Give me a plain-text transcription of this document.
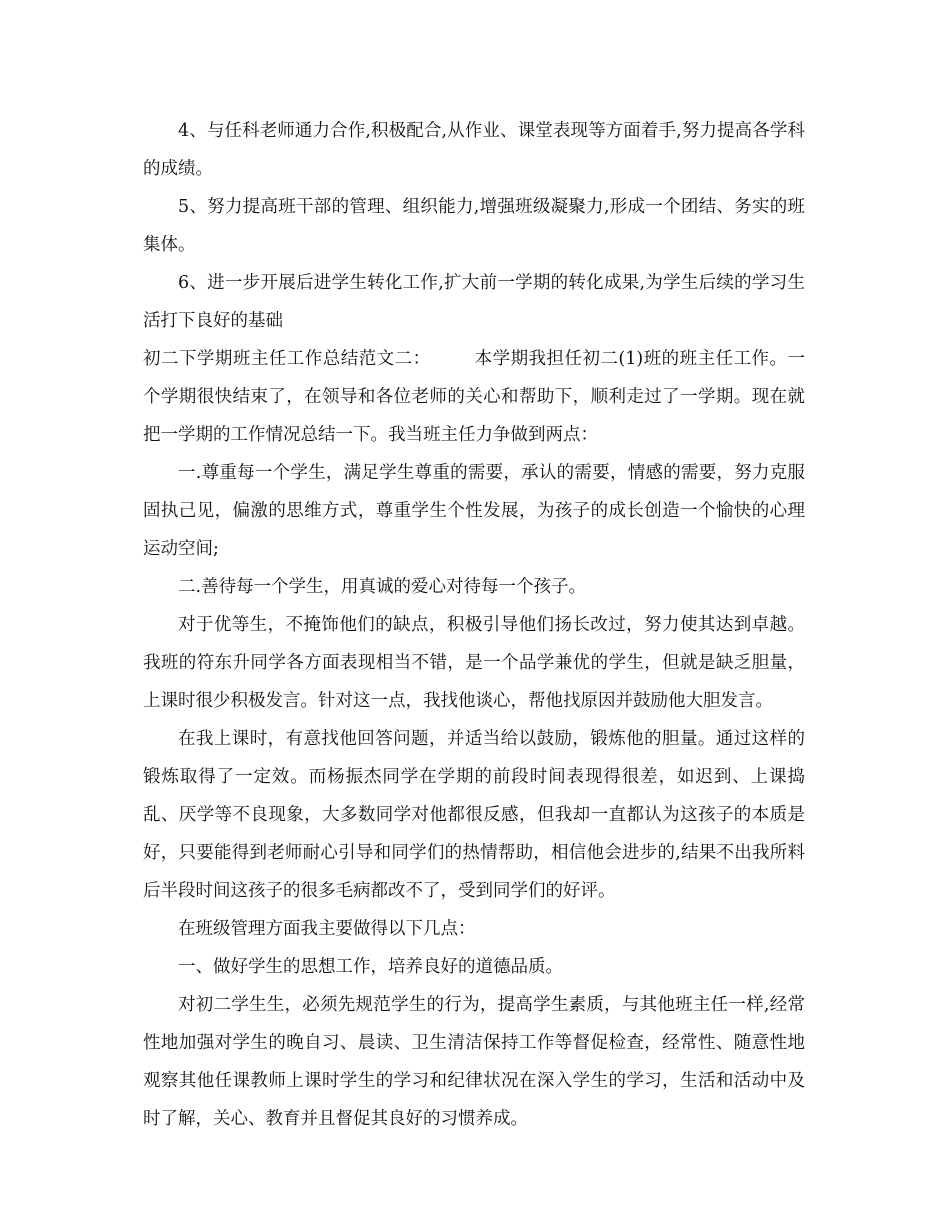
4、与任科老师通力合作,积极配合,从作业、课堂表现等方面着手,努力提高各学科的成绩。

5、努力提高班干部的管理、组织能力,增强班级凝聚力,形成一个团结、务实的班集体。

6、进一步开展后进学生转化工作,扩大前一学期的转化成果,为学生后续的学习生活打下良好的基础

初二下学期班主任工作总结范文二：	本学期我担任初二(1)班的班主任工作。一个学期很快结束了，在领导和各位老师的关心和帮助下，顺利走过了一学期。现在就把一学期的工作情况总结一下。我当班主任力争做到两点：

一.尊重每一个学生，满足学生尊重的需要，承认的需要，情感的需要，努力克服固执己见，偏激的思维方式，尊重学生个性发展，为孩子的成长创造一个愉快的心理运动空间;

二.善待每一个学生，用真诚的爱心对待每一个孩子。

对于优等生，不掩饰他们的缺点，积极引导他们扬长改过，努力使其达到卓越。我班的符东升同学各方面表现相当不错，是一个品学兼优的学生，但就是缺乏胆量，上课时很少积极发言。针对这一点，我找他谈心，帮他找原因并鼓励他大胆发言。

在我上课时，有意找他回答问题，并适当给以鼓励，锻炼他的胆量。通过这样的锻炼取得了一定效。而杨振杰同学在学期的前段时间表现得很差，如迟到、上课捣乱、厌学等不良现象，大多数同学对他都很反感，但我却一直都认为这孩子的本质是好，只要能得到老师耐心引导和同学们的热情帮助，相信他会进步的,结果不出我所料后半段时间这孩子的很多毛病都改不了，受到同学们的好评。

在班级管理方面我主要做得以下几点：

一、做好学生的思想工作，培养良好的道德品质。

对初二学生生，必须先规范学生的行为，提高学生素质，与其他班主任一样,经常性地加强对学生的晚自习、晨读、卫生清洁保持工作等督促检查，经常性、随意性地观察其他任课教师上课时学生的学习和纪律状况在深入学生的学习，生活和活动中及时了解，关心、教育并且督促其良好的习惯养成。
